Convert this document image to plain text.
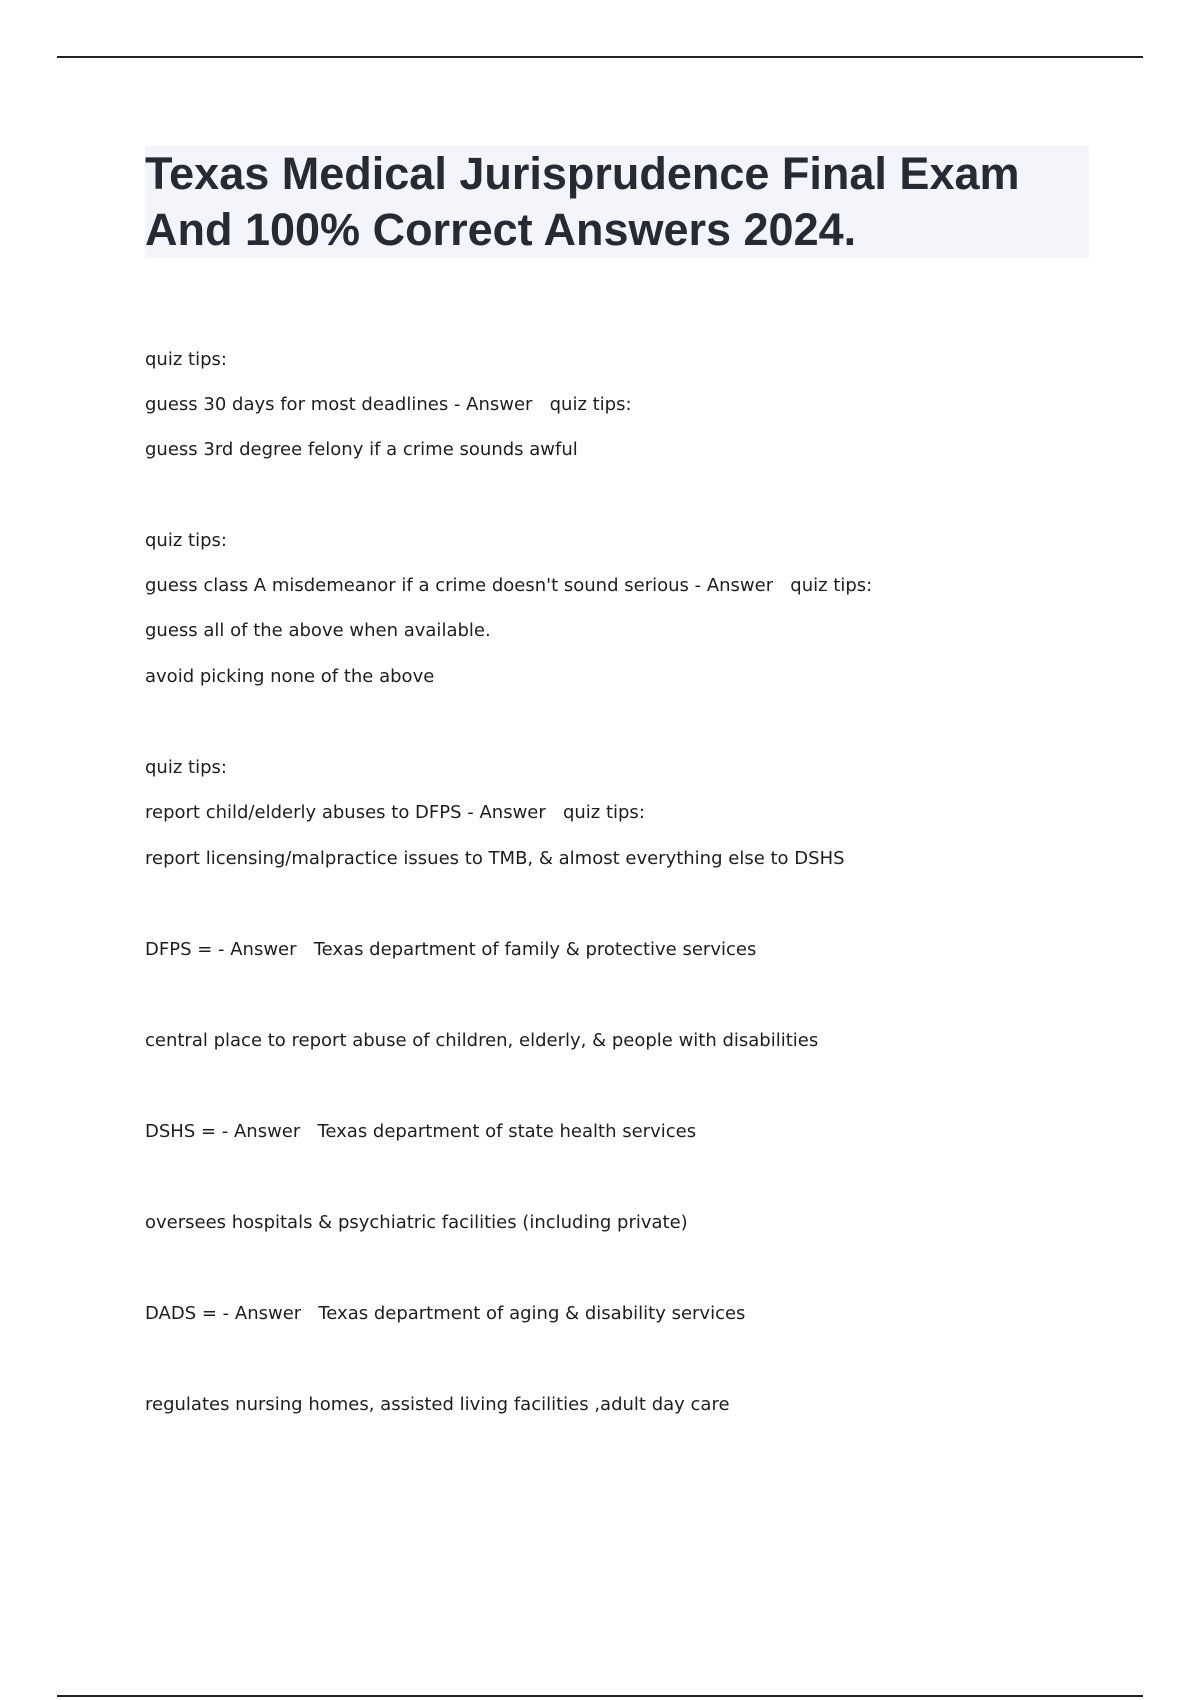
Texas Medical Jurisprudence Final Exam

And 100% Correct Answers 2024.

quiz tips:
guess 30 days for most deadlines - Answer   quiz tips:
guess 3rd degree felony if a crime sounds awful
quiz tips:
guess class A misdemeanor if a crime doesn't sound serious - Answer   quiz tips:
guess all of the above when available.
avoid picking none of the above
quiz tips:
report child/elderly abuses to DFPS - Answer   quiz tips:
report licensing/malpractice issues to TMB, & almost everything else to DSHS
DFPS = - Answer   Texas department of family & protective services
central place to report abuse of children, elderly, & people with disabilities
DSHS = - Answer   Texas department of state health services
oversees hospitals & psychiatric facilities (including private)
DADS = - Answer   Texas department of aging & disability services
regulates nursing homes, assisted living facilities ,adult day care
